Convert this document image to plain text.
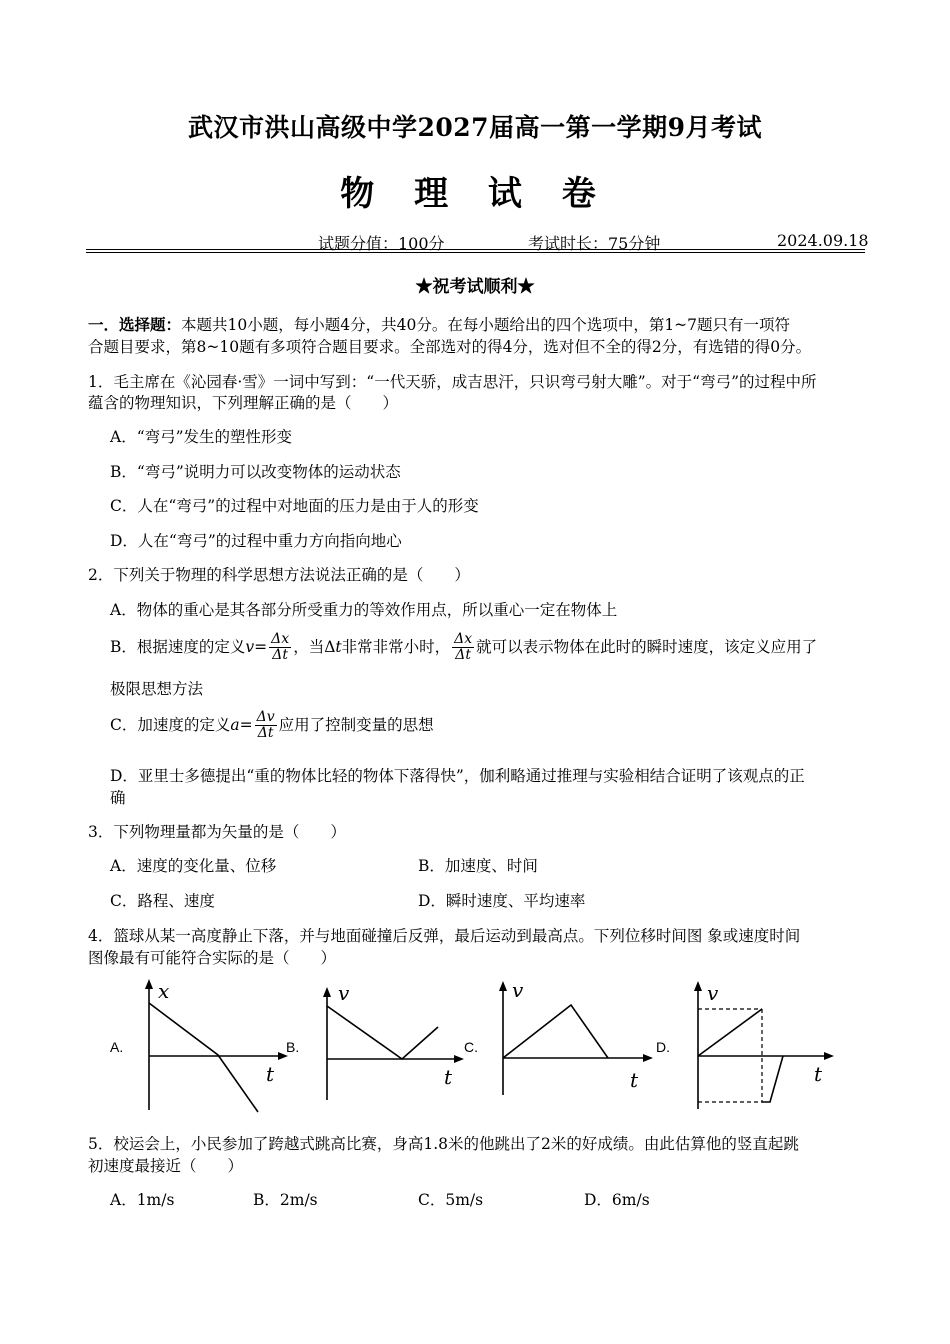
武汉市洪山高级中学2027届高一第一学期9月考试
物 理 试 卷
试题分值：100分	考试时长：75分钟	2024.09.18
★祝考试顺利★
一．选择题：本题共10小题，每小题4分，共40分。在每小题给出的四个选项中，第1~7题只有一项符
合题目要求，第8~10题有多项符合题目要求。全部选对的得4分，选对但不全的得2分，有选错的得0分。
1．毛主席在《沁园春·雪》一词中写到：“一代天骄，成吉思汗，只识弯弓射大雕”。对于“弯弓”的过程中所
蕴含的物理知识，下列理解正确的是（　　）
A．“弯弓”发生的塑性形变
B．“弯弓”说明力可以改变物体的运动状态
C．人在“弯弓”的过程中对地面的压力是由于人的形变
D．人在“弯弓”的过程中重力方向指向地心
2．下列关于物理的科学思想方法说法正确的是（　　）
A．物体的重心是其各部分所受重力的等效作用点，所以重心一定在物体上
B．根据速度的定义$v= \frac{\Delta x}{\Delta t}$ ，当Δt非常非常小时， $\frac{\Delta x}{\Delta t}$ 就可以表示物体在此时的瞬时速度，该定义应用了
极限思想方法
C．加速度的定义$a= \frac{\Delta v}{\Delta t}$ 应用了控制变量的思想
D．亚里士多德提出“重的物体比轻的物体下落得快”，伽利略通过推理与实验相结合证明了该观点的正
确
3．下列物理量都为矢量的是（　　）
A．速度的变化量、位移	B．加速度、时间
C．路程、速度	D．瞬时速度、平均速率
4．篮球从某一高度静止下落，并与地面碰撞后反弹，最后运动到最高点。下列位移时间图 象或速度时间
图像最有可能符合实际的是（　　）
A.
x
t
B.
v
t
C.
v
t
D.
v
t
5．校运会上，小民参加了跨越式跳高比赛，身高1.8米的他跳出了2米的好成绩。由此估算他的竖直起跳
初速度最接近（　　）
A．1m/s	B．2m/s	C．5m/s	D．6m/s
